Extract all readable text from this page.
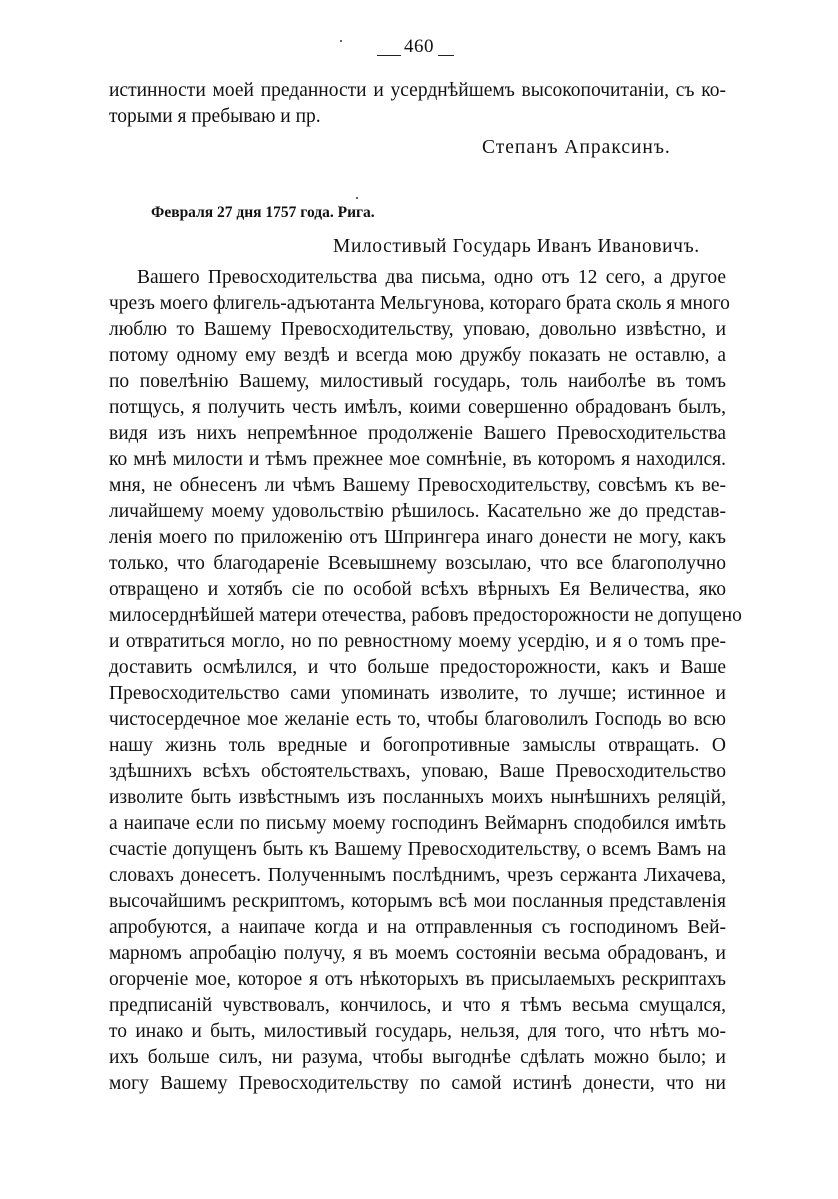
460
истинности моей преданности и усерднѣйшемъ высокопочитанiи, съ ко-
торыми я пребываю и пр.
Степанъ Апраксинъ.
Февраля 27 дня 1757 года. Рига.
Милостивый Государь Иванъ Ивановичъ.
Вашего Превосходительства два письма, одно отъ 12 сего, а другое
чрезъ моего флигель-адъютанта Мельгунова, котораго брата сколь я много
люблю то Вашему Превосходительству, уповаю, довольно извѣстно, и
потому одному ему вездѣ и всегда мою дружбу показать не оставлю, а
по повелѣнiю Вашему, милостивый государь, толь наиболѣе въ томъ
потщусь, я получить честь имѣлъ, коими совершенно обрадованъ былъ,
видя изъ нихъ непремѣнное продолженiе Вашего Превосходительства
ко мнѣ милости и тѣмъ прежнее мое сомнѣнiе, въ которомъ я находился.
мня, не обнесенъ ли чѣмъ Вашему Превосходительству, совсѣмъ къ ве-
личайшему моему удовольствiю рѣшилось. Касательно же до представ-
ленiя моего по приложенiю отъ Шпрингера инаго донести не могу, какъ
только, что благодаренiе Всевышнему возсылаю, что все благополучно
отвращено и хотябъ сiе по особой всѣхъ вѣрныхъ Ея Величества, яко
милосерднѣйшей матери отечества, рабовъ предосторожности не допущено
и отвратиться могло, но по ревностному моему усердiю, и я о томъ пре-
доставить осмѣлился, и что больше предосторожности, какъ и Ваше
Превосходительство сами упоминать изволите, то лучше; истинное и
чистосердечное мое желанiе есть то, чтобы благоволилъ Господь во всю
нашу жизнь толь вредные и богопротивные замыслы отвращать. О
здѣшнихъ всѣхъ обстоятельствахъ, уповаю, Ваше Превосходительство
изволите быть извѣстнымъ изъ посланныхъ моихъ нынѣшнихъ реляцiй,
а наипаче если по письму моему господинъ Веймарнъ сподобился имѣть
счастiе допущенъ быть къ Вашему Превосходительству, о всемъ Вамъ на
словахъ донесетъ. Полученнымъ послѣднимъ, чрезъ сержанта Лихачева,
высочайшимъ рескриптомъ, которымъ всѣ мои посланныя представленiя
апробуются, а наипаче когда и на отправленныя съ господиномъ Вей-
марномъ апробацiю получу, я въ моемъ состоянiи весьма обрадованъ, и
огорченiе мое, которое я отъ нѣкоторыхъ въ присылаемыхъ рескриптахъ
предписанiй чувствовалъ, кончилось, и что я тѣмъ весьма смущался,
то инако и быть, милостивый государь, нельзя, для того, что нѣтъ мо-
ихъ больше силъ, ни разума, чтобы выгоднѣе сдѣлать можно было; и
могу Вашему Превосходительству по самой истинѣ донести, что ни
